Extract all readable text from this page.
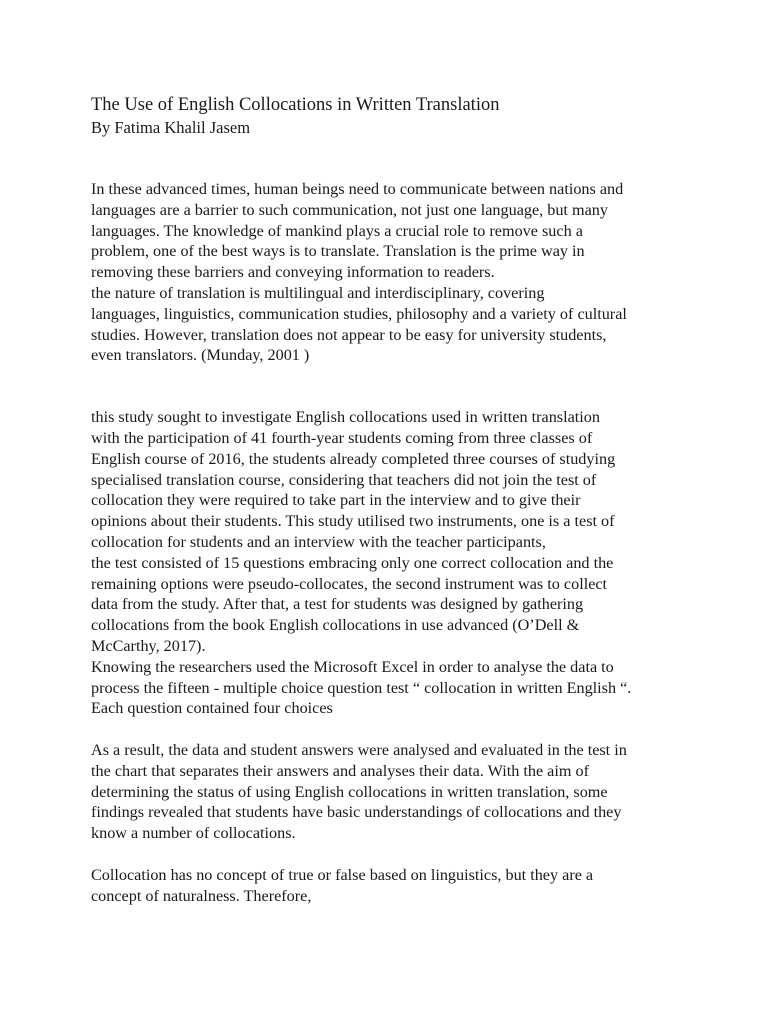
The Use of English Collocations in Written Translation
By Fatima Khalil Jasem

In these advanced times, human beings need to communicate between nations and
languages are a barrier to such communication, not just one language, but many
languages. The knowledge of mankind plays a crucial role to remove such a
problem, one of the best ways is to translate. Translation is the prime way in
removing these barriers and conveying information to readers.
the nature of translation is multilingual and interdisciplinary, covering
languages, linguistics, communication studies, philosophy and a variety of cultural
studies. However, translation does not appear to be easy for university students,
even translators. (Munday, 2001 )

this study sought to investigate English collocations used in written translation
with the participation of 41 fourth-year students coming from three classes of
English course of 2016, the students already completed three courses of studying
specialised translation course, considering that teachers did not join the test of
collocation they were required to take part in the interview and to give their
opinions about their students. This study utilised two instruments, one is a test of
collocation for students and an interview with the teacher participants,
the test consisted of 15 questions embracing only one correct collocation and the
remaining options were pseudo-collocates, the second instrument was to collect
data from the study. After that, a test for students was designed by gathering
collocations from the book English collocations in use advanced (O’Dell &
McCarthy, 2017).
Knowing the researchers used the Microsoft Excel in order to analyse the data to
process the fifteen - multiple choice question test “ collocation in written English “.
Each question contained four choices

As a result, the data and student answers were analysed and evaluated in the test in
the chart that separates their answers and analyses their data. With the aim of
determining the status of using English collocations in written translation, some
findings revealed that students have basic understandings of collocations and they
know a number of collocations.

Collocation has no concept of true or false based on linguistics, but they are a
concept of naturalness. Therefore,
